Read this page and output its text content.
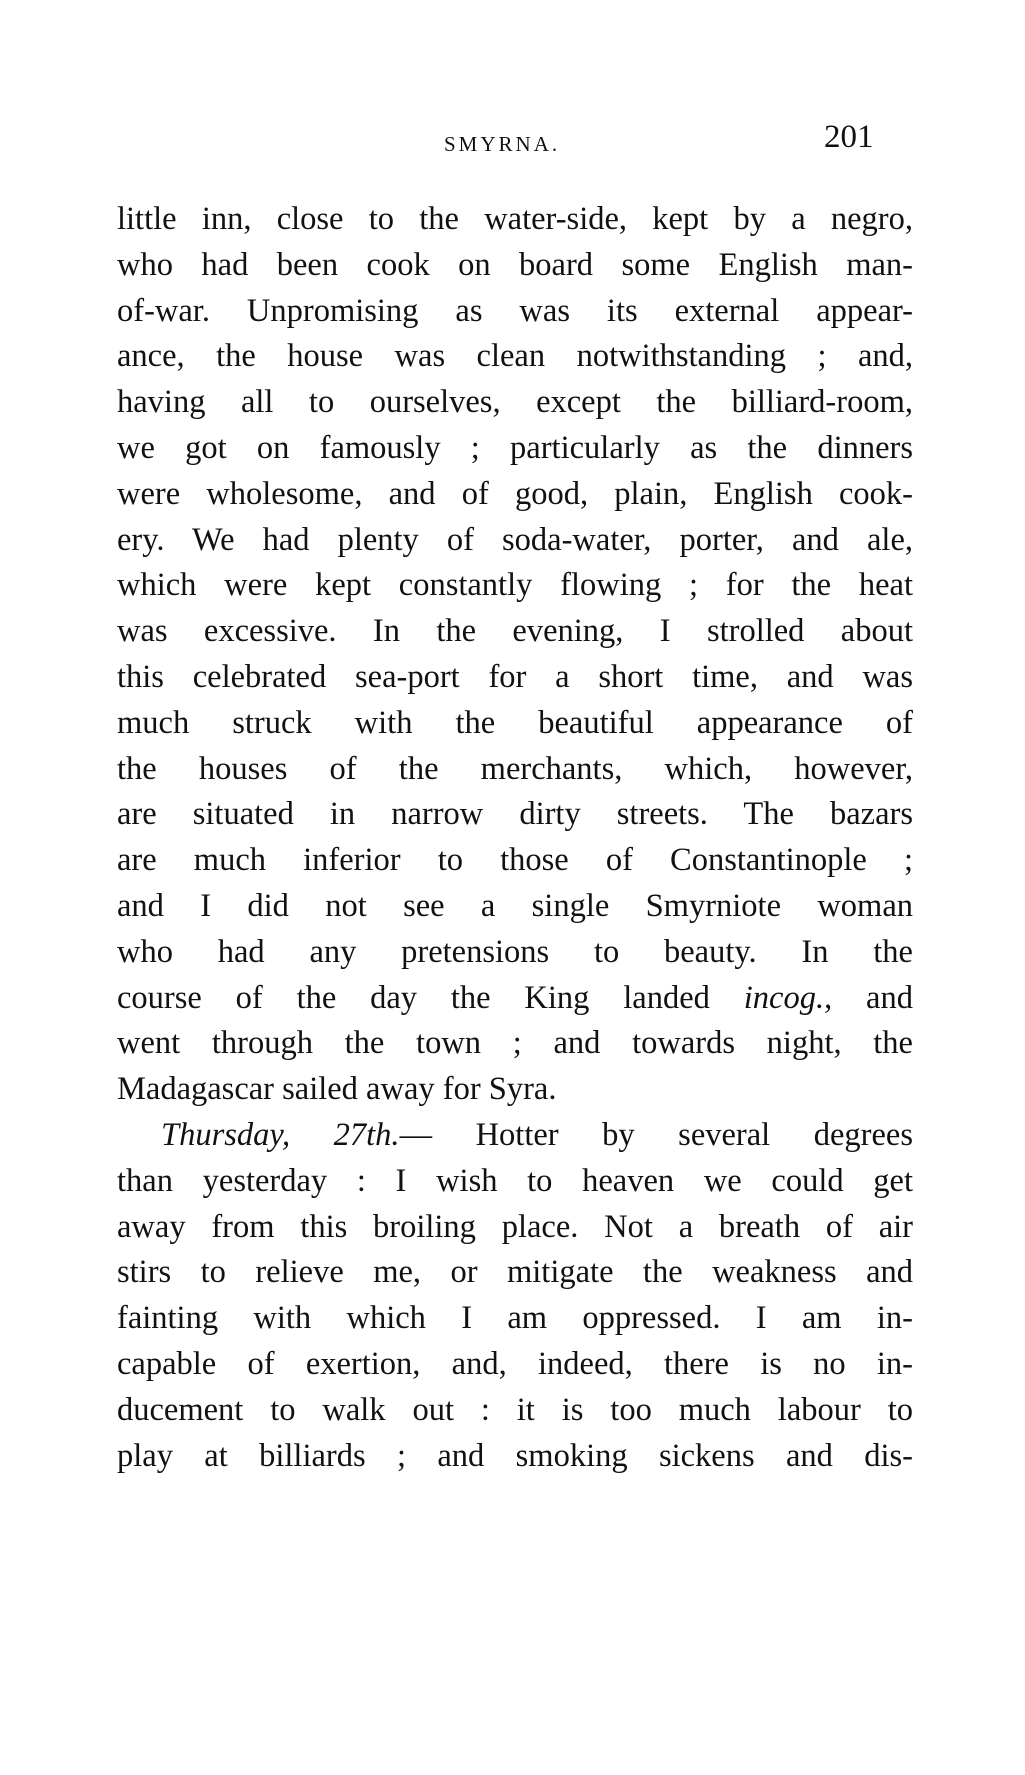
SMYRNA.	201
little inn, close to the water-side, kept by a negro,
who had been cook on board some English man-
of-war. Unpromising as was its external appear-
ance, the house was clean notwithstanding ; and,
having all to ourselves, except the billiard-room,
we got on famously ; particularly as the dinners
were wholesome, and of good, plain, English cook-
ery. We had plenty of soda-water, porter, and ale,
which were kept constantly flowing ; for the heat
was excessive. In the evening, I strolled about
this celebrated sea-port for a short time, and was
much struck with the beautiful appearance of
the houses of the merchants, which, however,
are situated in narrow dirty streets. The bazars
are much inferior to those of Constantinople ;
and I did not see a single Smyrniote woman
who had any pretensions to beauty. In the
course of the day the King landed incog., and
went through the town ; and towards night, the
Madagascar sailed away for Syra.
Thursday, 27th.— Hotter by several degrees
than yesterday : I wish to heaven we could get
away from this broiling place. Not a breath of air
stirs to relieve me, or mitigate the weakness and
fainting with which I am oppressed. I am in-
capable of exertion, and, indeed, there is no in-
ducement to walk out : it is too much labour to
play at billiards ; and smoking sickens and dis-
